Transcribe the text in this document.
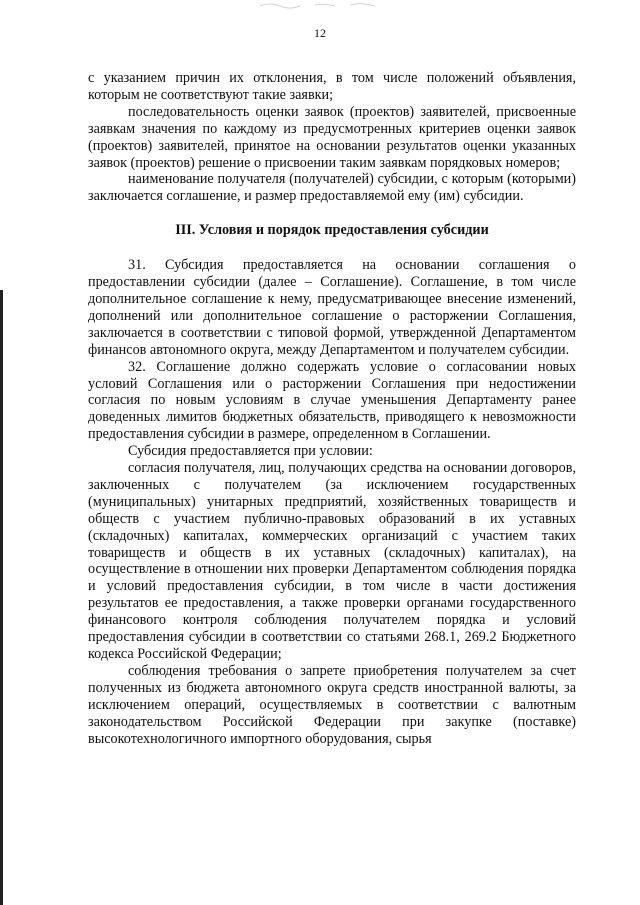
12

с указанием причин их отклонения, в том числе положений объявления, которым не соответствуют такие заявки;

последовательность оценки заявок (проектов) заявителей, присвоенные заявкам значения по каждому из предусмотренных критериев оценки заявок (проектов) заявителей, принятое на основании результатов оценки указанных заявок (проектов) решение о присвоении таким заявкам порядковых номеров;

наименование получателя (получателей) субсидии, с которым (которыми) заключается соглашение, и размер предоставляемой ему (им) субсидии.

III. Условия и порядок предоставления субсидии

31. Субсидия предоставляется на основании соглашения о предоставлении субсидии (далее – Соглашение). Соглашение, в том числе дополнительное соглашение к нему, предусматривающее внесение изменений, дополнений или дополнительное соглашение о расторжении Соглашения, заключается в соответствии с типовой формой, утвержденной Департаментом финансов автономного округа, между Департаментом и получателем субсидии.

32. Соглашение должно содержать условие о согласовании новых условий Соглашения или о расторжении Соглашения при недостижении согласия по новым условиям в случае уменьшения Департаменту ранее доведенных лимитов бюджетных обязательств, приводящего к невозможности предоставления субсидии в размере, определенном в Соглашении.

Субсидия предоставляется при условии:

согласия получателя, лиц, получающих средства на основании договоров, заключенных с получателем (за исключением государственных (муниципальных) унитарных предприятий, хозяйственных товариществ и обществ с участием публично-правовых образований в их уставных (складочных) капиталах, коммерческих организаций с участием таких товариществ и обществ в их уставных (складочных) капиталах), на осуществление в отношении них проверки Департаментом соблюдения порядка и условий предоставления субсидии, в том числе в части достижения результатов ее предоставления, а также проверки органами государственного финансового контроля соблюдения получателем порядка и условий предоставления субсидии в соответствии со статьями 268.1, 269.2 Бюджетного кодекса Российской Федерации;

соблюдения требования о запрете приобретения получателем за счет полученных из бюджета автономного округа средств иностранной валюты, за исключением операций, осуществляемых в соответствии с валютным законодательством Российской Федерации при закупке (поставке) высокотехнологичного импортного оборудования, сырья
